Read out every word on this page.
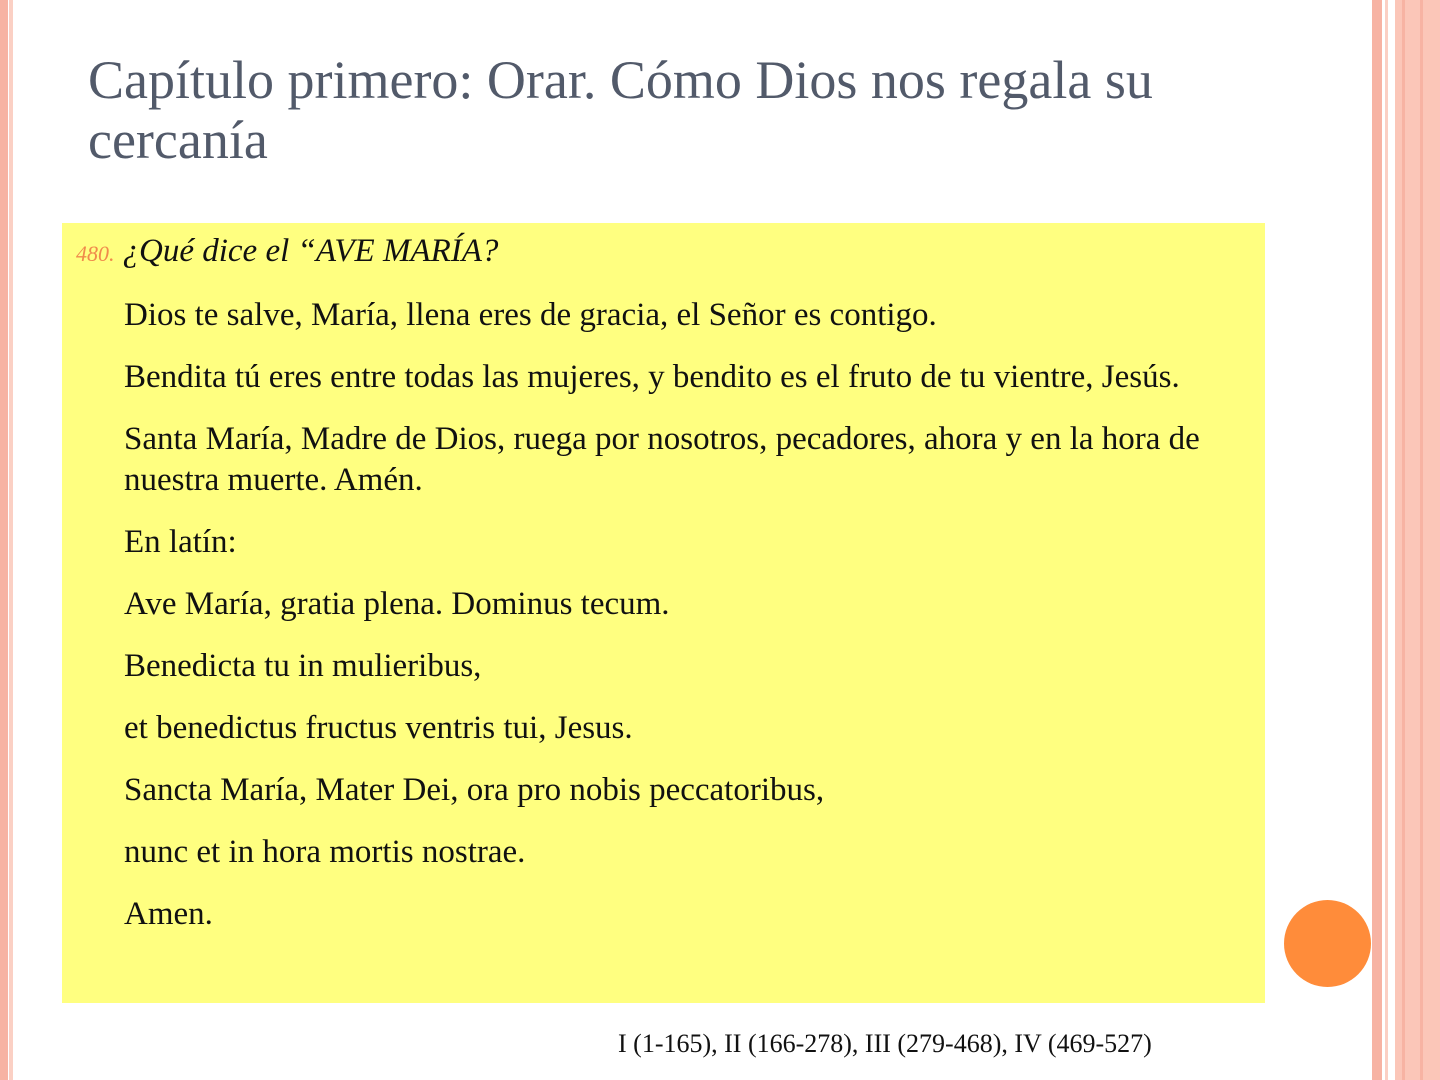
Capítulo primero: Orar. Cómo Dios nos regala su cercanía
480. ¿Qué dice el “AVE MARÍA?

Dios te salve, María, llena eres de gracia, el Señor es contigo.

Bendita tú eres entre todas las mujeres, y bendito es el fruto de tu vientre, Jesús.

Santa María, Madre de Dios, ruega por nosotros, pecadores, ahora y en la hora de nuestra muerte. Amén.

En latín:

Ave María, gratia plena. Dominus tecum.

Benedicta tu in mulieribus,

et benedictus fructus ventris tui, Jesus.

Sancta María, Mater Dei, ora pro nobis peccatoribus,

nunc et in hora mortis nostrae.

Amen.

I (1-165), II (166-278), III (279-468), IV (469-527)
